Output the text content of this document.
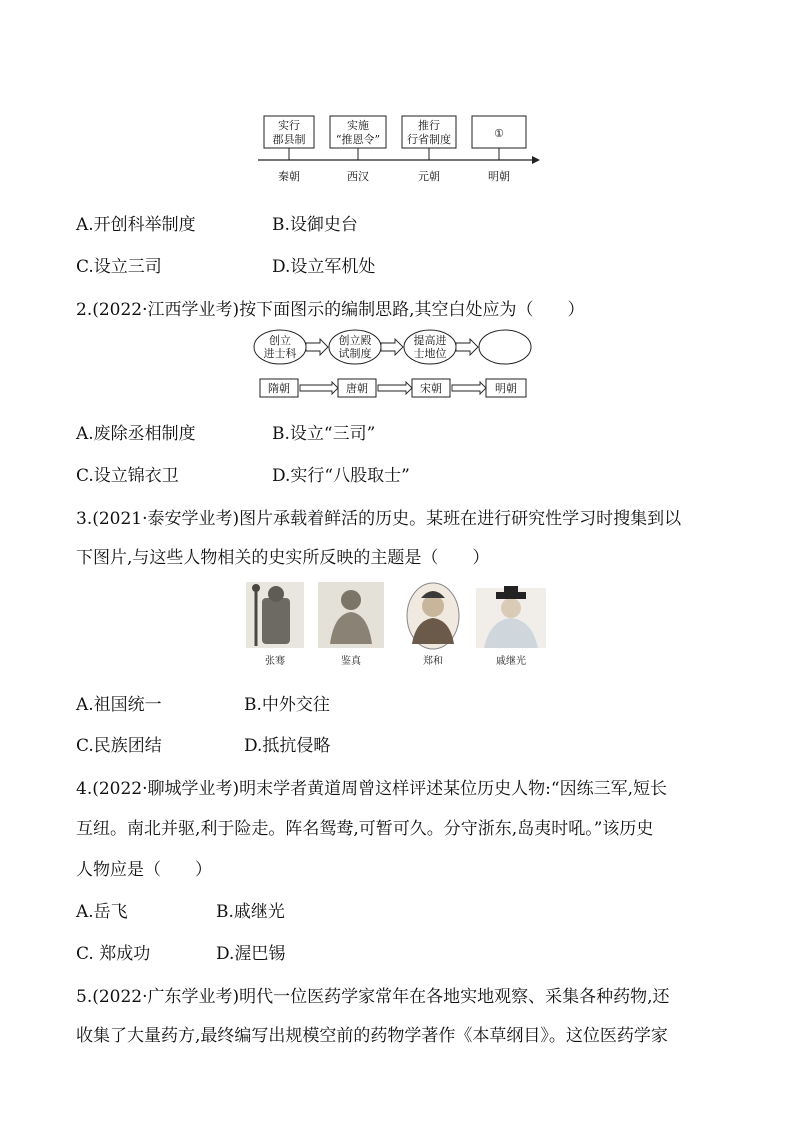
实行
郡县制
实施
“推恩令”
推行
行省制度	①
秦朝	西汉	元朝	明朝
A.开创科举制度	B.设御史台
C.设立三司	D.设立军机处
2.(2022·江西学业考)按下面图示的编制思路,其空白处应为（　　）
创立
进士科
创立殿
试制度
提高进
士地位
隋朝	唐朝	宋朝	明朝
A.废除丞相制度	B.设立“三司”
C.设立锦衣卫	D.实行“八股取士”
3.(2021·泰安学业考)图片承载着鲜活的历史。某班在进行研究性学习时搜集到以
下图片,与这些人物相关的史实所反映的主题是（　　）
张骞	鉴真	郑和	戚继光
A.祖国统一	B.中外交往
C.民族团结	D.抵抗侵略
4.(2022·聊城学业考)明末学者黄道周曾这样评述某位历史人物:“因练三军,短长
互纽。南北并驱,利于险走。阵名鸳鸯,可暂可久。分守浙东,岛夷时吼。”该历史
人物应是（　　）
A.岳飞	B.戚继光
C. 郑成功	D.渥巴锡
5.(2022·广东学业考)明代一位医药学家常年在各地实地观察、采集各种药物,还
收集了大量药方,最终编写出规模空前的药物学著作《本草纲目》。这位医药学家
